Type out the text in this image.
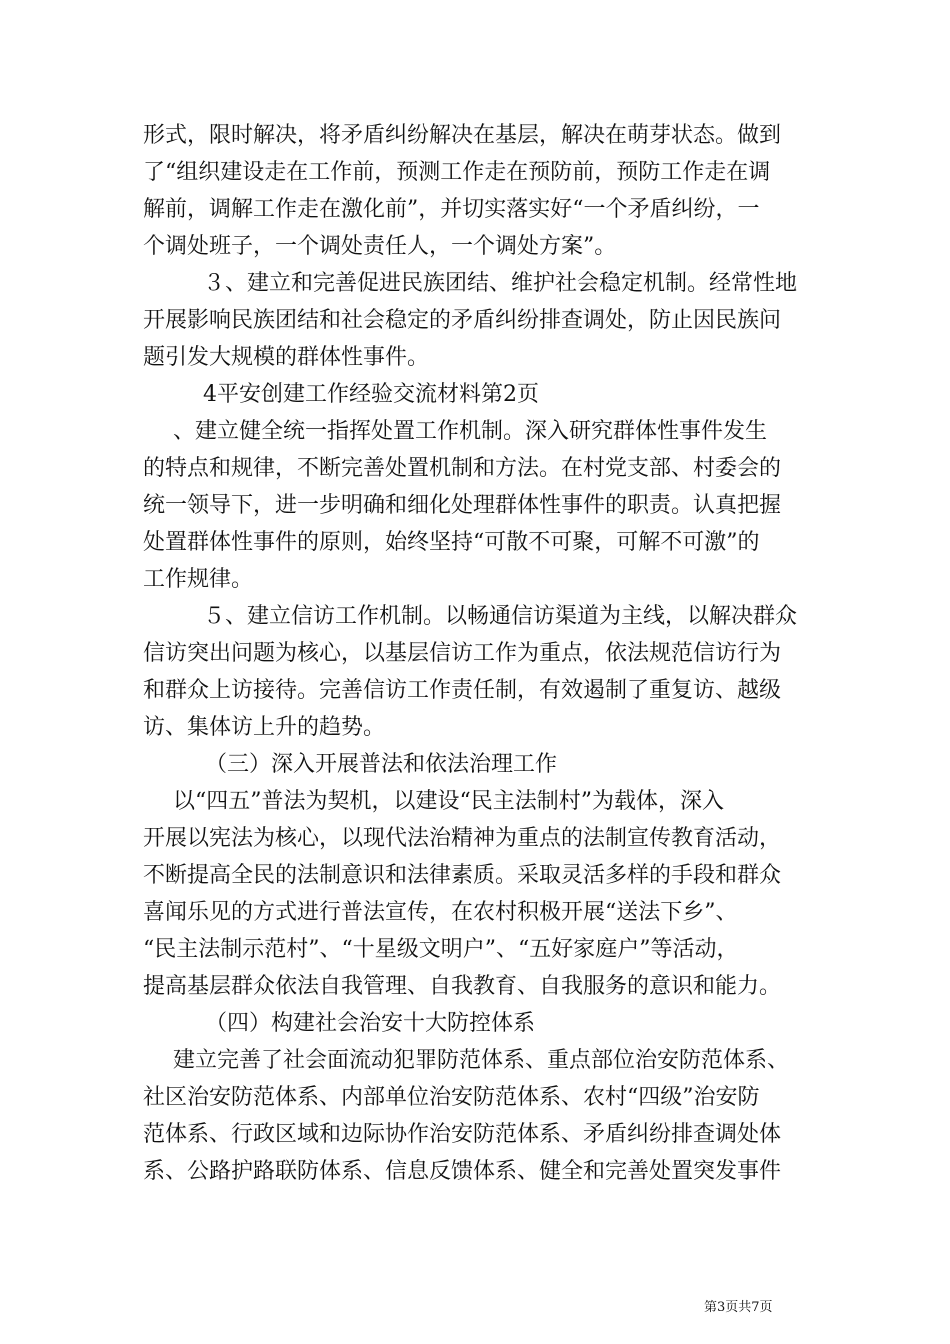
形式，限时解决，将矛盾纠纷解决在基层，解决在萌芽状态。做到
了“组织建设走在工作前，预测工作走在预防前，预防工作走在调
解前，调解工作走在激化前”，并切实落实好“一个矛盾纠纷，一
个调处班子，一个调处责任人，一个调处方案”。
３、建立和完善促进民族团结、维护社会稳定机制。经常性地
开展影响民族团结和社会稳定的矛盾纠纷排查调处，防止因民族问
题引发大规模的群体性事件。
4平安创建工作经验交流材料第2页
、建立健全统一指挥处置工作机制。深入研究群体性事件发生
的特点和规律，不断完善处置机制和方法。在村党支部、村委会的
统一领导下，进一步明确和细化处理群体性事件的职责。认真把握
处置群体性事件的原则，始终坚持“可散不可聚，可解不可激”的
工作规律。
５、建立信访工作机制。以畅通信访渠道为主线，以解决群众
信访突出问题为核心，以基层信访工作为重点，依法规范信访行为
和群众上访接待。完善信访工作责任制，有效遏制了重复访、越级
访、集体访上升的趋势。
（三）深入开展普法和依法治理工作
以“四五”普法为契机，以建设“民主法制村”为载体，深入
开展以宪法为核心，以现代法治精神为重点的法制宣传教育活动，
不断提高全民的法制意识和法律素质。采取灵活多样的手段和群众
喜闻乐见的方式进行普法宣传，在农村积极开展“送法下乡”、
“民主法制示范村”、“十星级文明户”、“五好家庭户”等活动，
提高基层群众依法自我管理、自我教育、自我服务的意识和能力。
（四）构建社会治安十大防控体系
建立完善了社会面流动犯罪防范体系、重点部位治安防范体系、
社区治安防范体系、内部单位治安防范体系、农村“四级”治安防
范体系、行政区域和边际协作治安防范体系、矛盾纠纷排查调处体
系、公路护路联防体系、信息反馈体系、健全和完善处置突发事件
第3页共7页
